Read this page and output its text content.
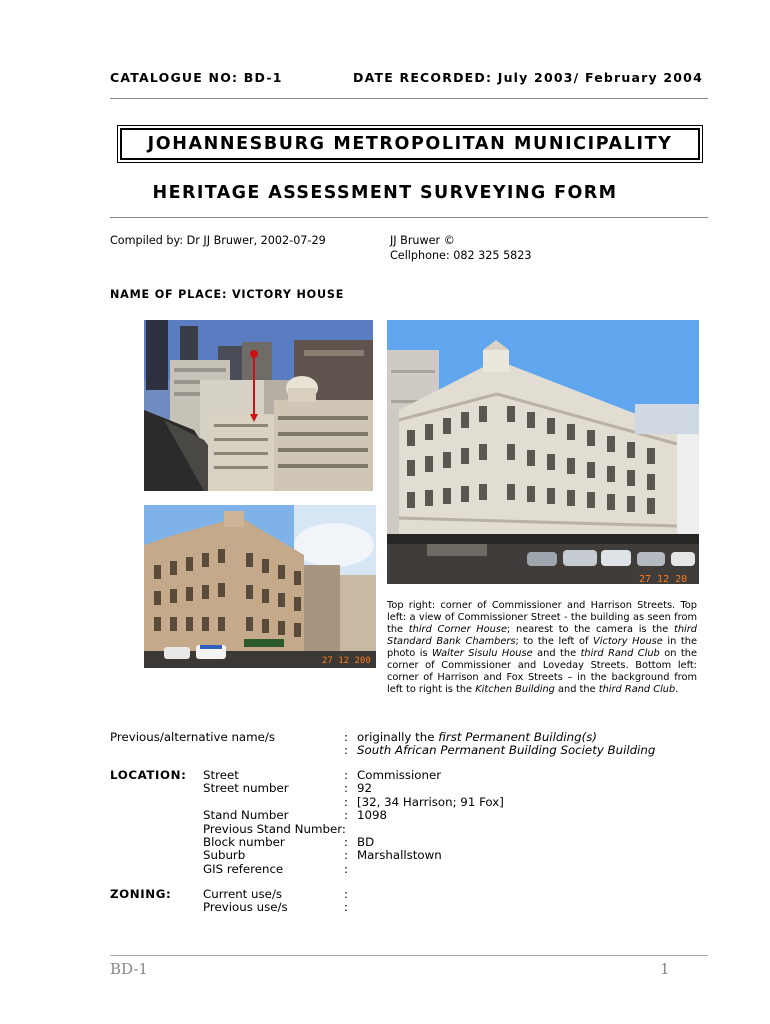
CATALOGUE NO: BD-1	DATE RECORDED: July 2003/ February 2004
JOHANNESBURG METROPOLITAN MUNICIPALITY
HERITAGE ASSESSMENT SURVEYING FORM
Compiled by: Dr JJ Bruwer, 2002-07-29	JJ Bruwer ©
Cellphone: 082 325 5823
NAME OF PLACE: VICTORY HOUSE
27 12 20
27 12 200
Top right: corner of Commissioner and Harrison Streets. Top left: a view of Commissioner Street - the building as seen from the third Corner House; nearest to the camera is the third Standard Bank Chambers; to the left of Victory House in the photo is Walter Sisulu House and the third Rand Club on the corner of Commissioner and Loveday Streets. Bottom left: corner of Harrison and Fox Streets – in the background from left to right is the Kitchen Building and the third Rand Club.
Previous/alternative name/s	: originally the first Permanent Building(s)
: South African Permanent Building Society Building
LOCATION: Street	: Commissioner
Street number	: 92
: [32, 34 Harrison; 91 Fox]
Stand Number	: 1098
Previous Stand Number:
Block number	: BD
Suburb	: Marshallstown
GIS reference	:
ZONING:	Current use/s	:
Previous use/s	:
BD-1	1
